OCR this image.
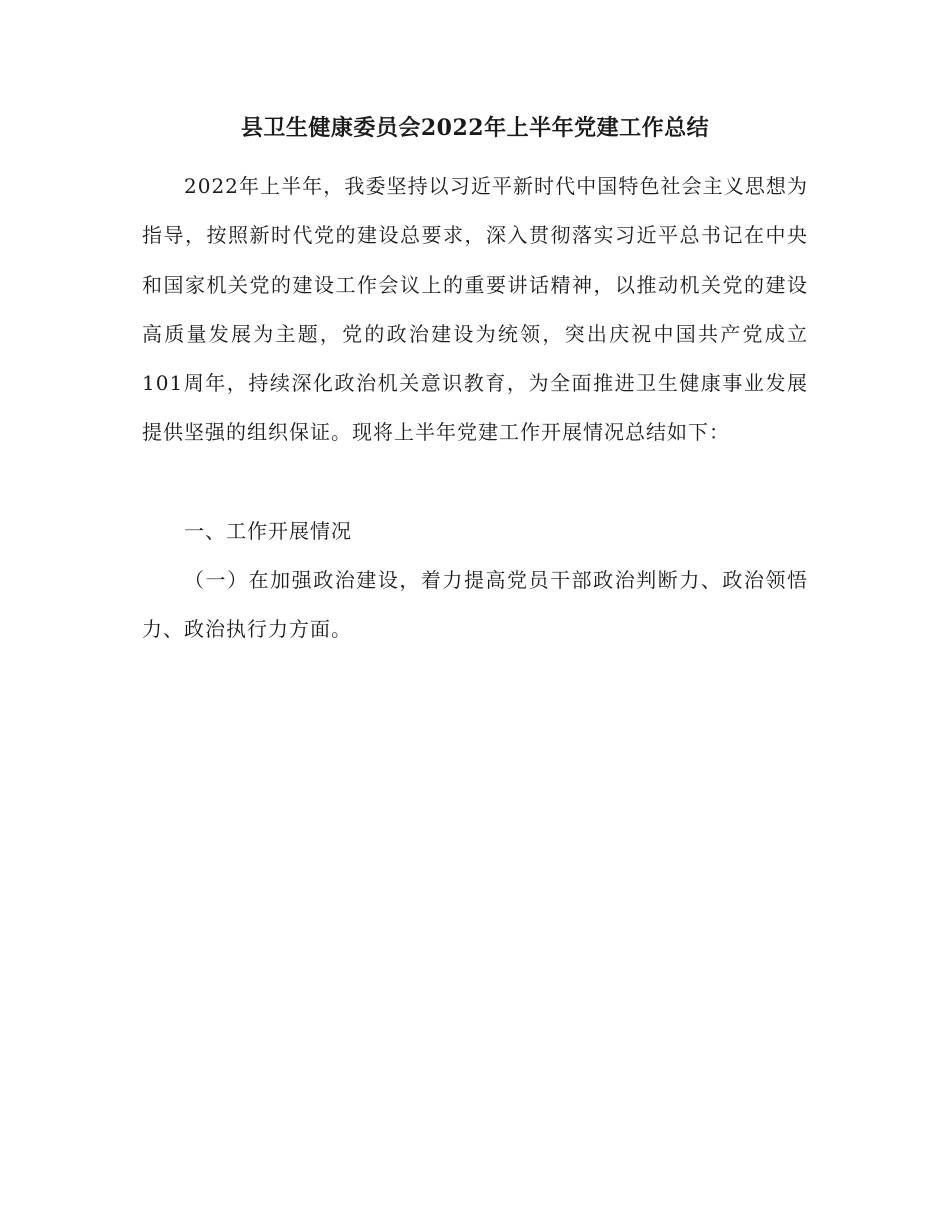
县卫生健康委员会2022年上半年党建工作总结
2022年上半年，我委坚持以习近平新时代中国特色社会主义思想为指导，按照新时代党的建设总要求，深入贯彻落实习近平总书记在中央和国家机关党的建设工作会议上的重要讲话精神，以推动机关党的建设高质量发展为主题，党的政治建设为统领，突出庆祝中国共产党成立101周年，持续深化政治机关意识教育，为全面推进卫生健康事业发展提供坚强的组织保证。现将上半年党建工作开展情况总结如下：
一、工作开展情况
（一）在加强政治建设，着力提高党员干部政治判断力、政治领悟力、政治执行力方面。
